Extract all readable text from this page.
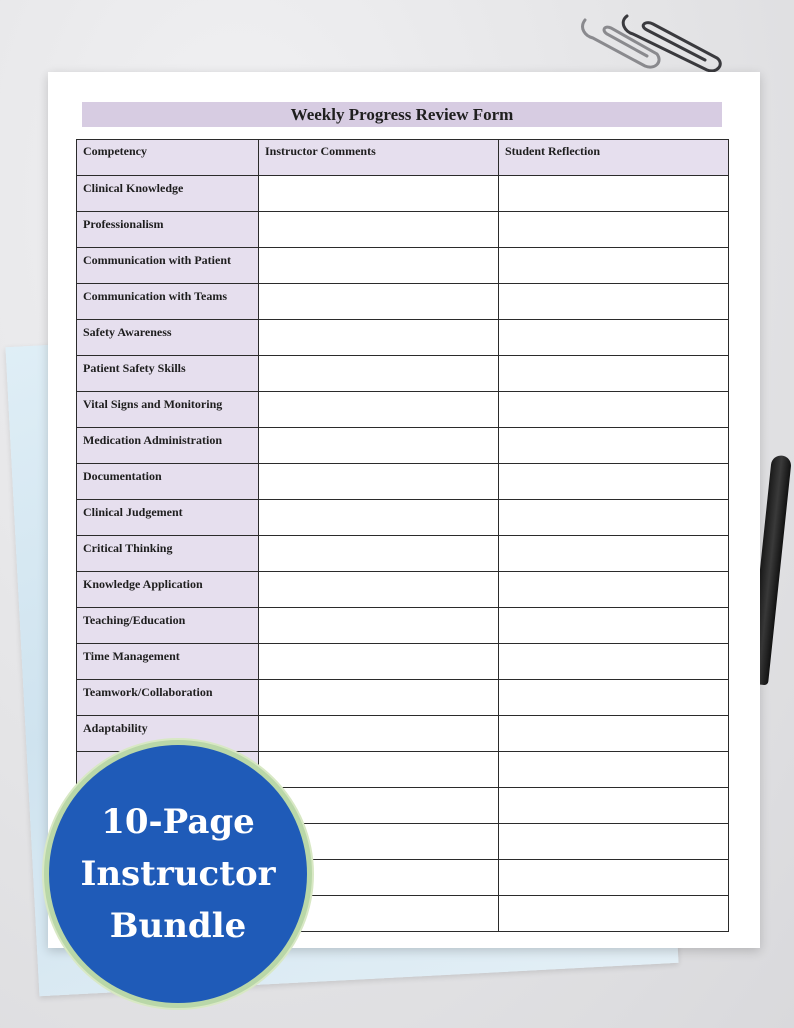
Weekly Progress Review Form
Competency	Instructor Comments	Student Reflection
Clinical Knowledge		
Professionalism		
Communication with Patient		
Communication with Teams		
Safety Awareness		
Patient Safety Skills		
Vital Signs and Monitoring		
Medication Administration		
Documentation		
Clinical Judgement		
Critical Thinking		
Knowledge Application		
Teaching/Education		
Time Management		
Teamwork/Collaboration		
Adaptability		

10-Page
Instructor
Bundle
